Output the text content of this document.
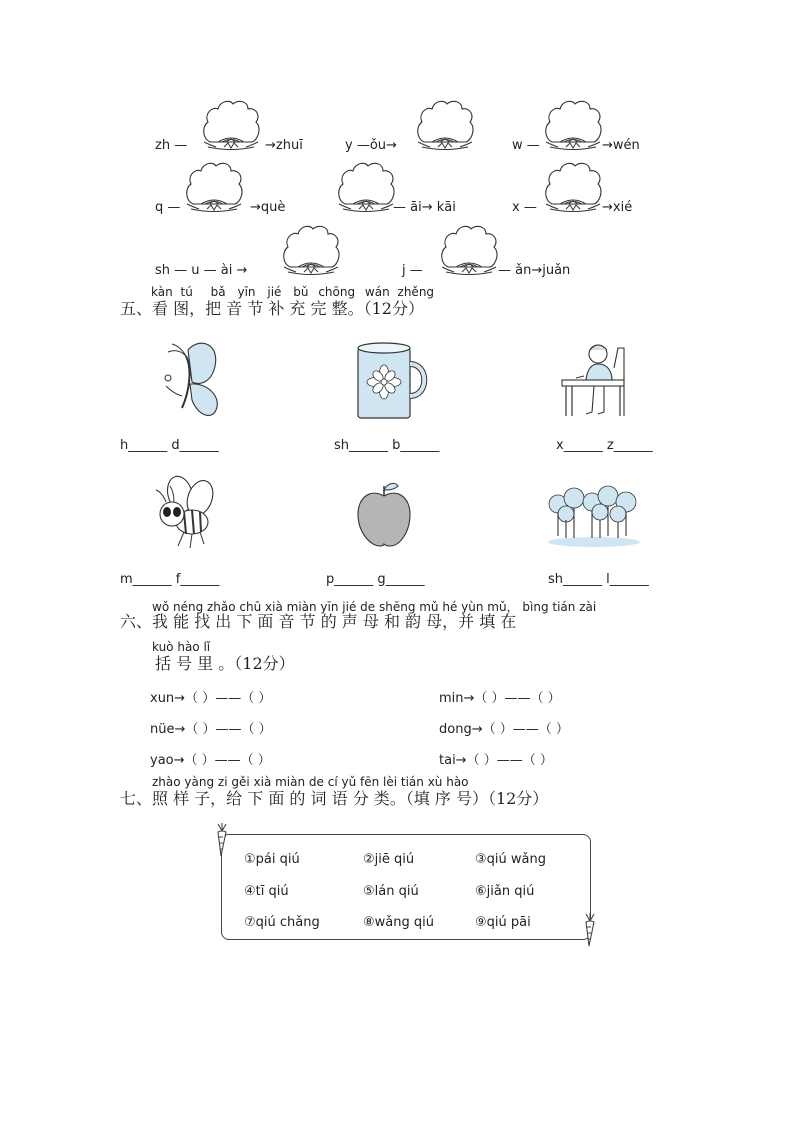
zh —	→zhuī	y —ǒu→	w —	→wén
q —	→què	— āi→ kāi	x —	→xié
sh — u — ài →	j —	— ǎn→juǎn
kàn tú bǎ yīn jié bǔ chōng wán zhěng
五、看 图，把 音 节 补 充 完 整。（12分）
h______ d______	sh______ b______	x______ z______
m______ f______	p______ g______	sh______ l______
wǒ néng zhǎo chū xià miàn yīn jié de shēng mǔ hé yùn mǔ， bìng tián zài
六、我 能 找 出 下 面 音 节 的 声 母 和 韵 母，并 填 在
kuò hào lǐ
括 号 里 。（12分）
xun→（ ）——（ ）	min→（ ）——（ ）
nüe→（ ）——（ ）	dong→（ ）——（ ）
yao→（ ）——（ ）	tai→（ ）——（ ）
zhào yàng zi gěi xià miàn de cí yǔ fēn lèi tián xù hào
七、照 样 子，给 下 面 的 词 语 分 类。（填 序 号）（12分）
①pái qiú	②jiē qiú	③qiú wǎng
④tī qiú	⑤lán qiú	⑥jiǎn qiú
⑦qiú chǎng	⑧wǎng qiú	⑨qiú pāi
